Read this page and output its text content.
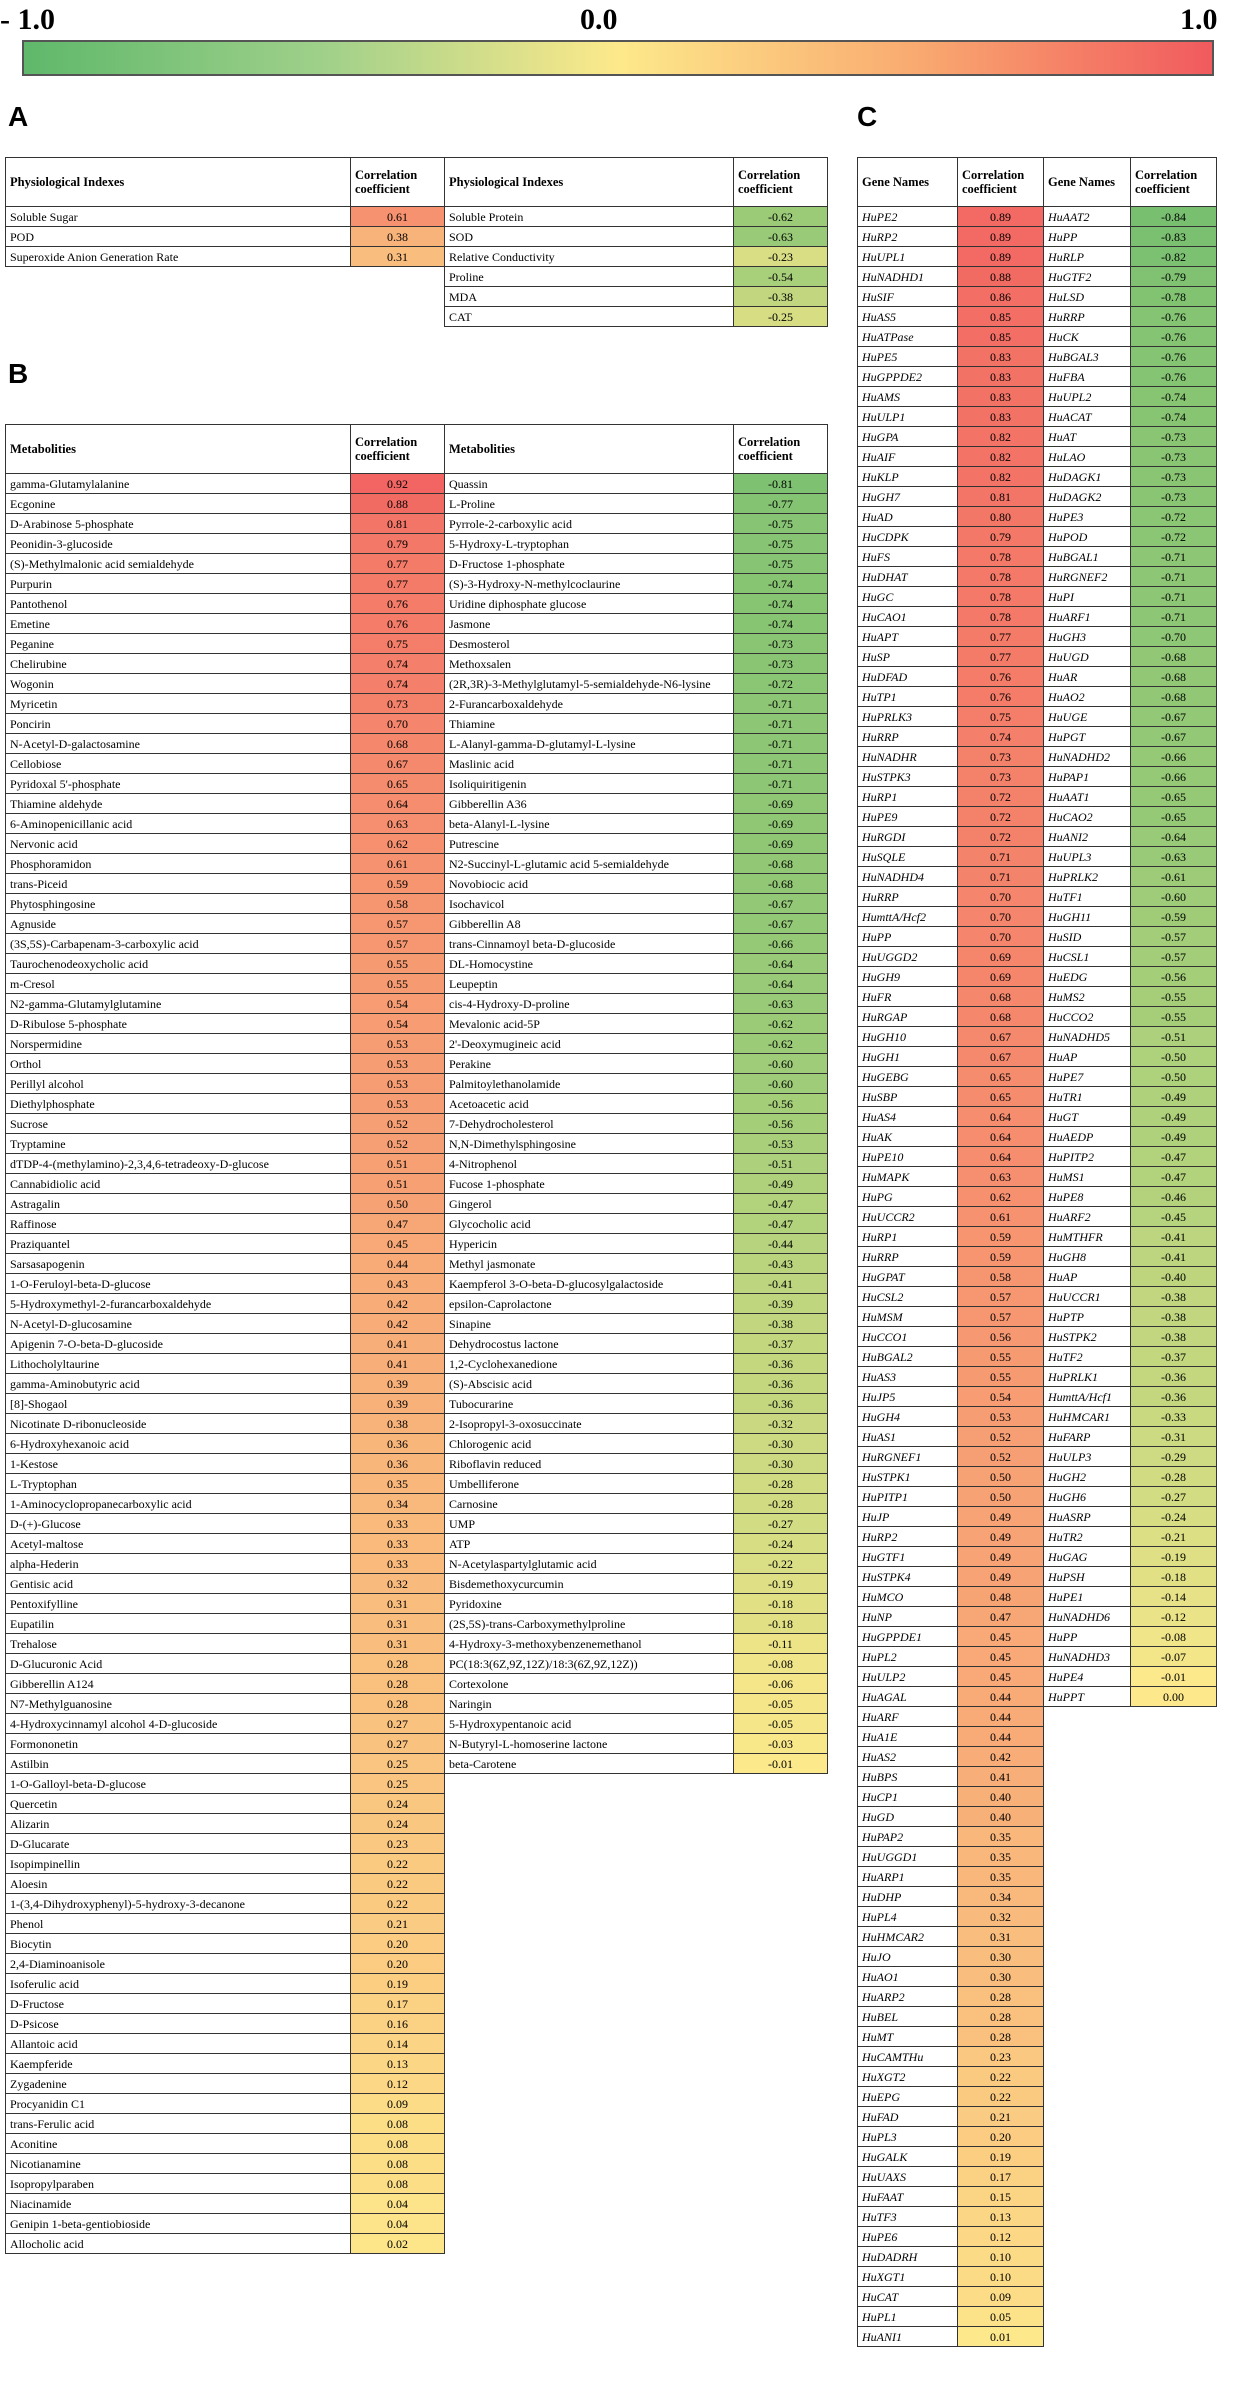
- 1.0	0.0	1.0
A
B
C
Physiological Indexes	Correlation coefficient	Physiological Indexes	Correlation coefficient
Soluble Sugar	0.61	Soluble Protein	-0.62
POD	0.38	SOD	-0.63
Superoxide Anion Generation Rate	0.31	Relative Conductivity	-0.23
		Proline	-0.54
		MDA	-0.38
		CAT	-0.25
Metabolities	Correlation coefficient	Metabolities	Correlation coefficient
gamma-Glutamylalanine	0.92	Quassin	-0.81
Ecgonine	0.88	L-Proline	-0.77
D-Arabinose 5-phosphate	0.81	Pyrrole-2-carboxylic acid	-0.75
Peonidin-3-glucoside	0.79	5-Hydroxy-L-tryptophan	-0.75
(S)-Methylmalonic acid semialdehyde	0.77	D-Fructose 1-phosphate	-0.75
Purpurin	0.77	(S)-3-Hydroxy-N-methylcoclaurine	-0.74
Pantothenol	0.76	Uridine diphosphate glucose	-0.74
Emetine	0.76	Jasmone	-0.74
Peganine	0.75	Desmosterol	-0.73
Chelirubine	0.74	Methoxsalen	-0.73
Wogonin	0.74	(2R,3R)-3-Methylglutamyl-5-semialdehyde-N6-lysine	-0.72
Myricetin	0.73	2-Furancarboxaldehyde	-0.71
Poncirin	0.70	Thiamine	-0.71
N-Acetyl-D-galactosamine	0.68	L-Alanyl-gamma-D-glutamyl-L-lysine	-0.71
Cellobiose	0.67	Maslinic acid	-0.71
Pyridoxal 5'-phosphate	0.65	Isoliquiritigenin	-0.71
Thiamine aldehyde	0.64	Gibberellin A36	-0.69
6-Aminopenicillanic acid	0.63	beta-Alanyl-L-lysine	-0.69
Nervonic acid	0.62	Putrescine	-0.69
Phosphoramidon	0.61	N2-Succinyl-L-glutamic acid 5-semialdehyde	-0.68
trans-Piceid	0.59	Novobiocic acid	-0.68
Phytosphingosine	0.58	Isochavicol	-0.67
Agnuside	0.57	Gibberellin A8	-0.67
(3S,5S)-Carbapenam-3-carboxylic acid	0.57	trans-Cinnamoyl beta-D-glucoside	-0.66
Taurochenodeoxycholic acid	0.55	DL-Homocystine	-0.64
m-Cresol	0.55	Leupeptin	-0.64
N2-gamma-Glutamylglutamine	0.54	cis-4-Hydroxy-D-proline	-0.63
D-Ribulose 5-phosphate	0.54	Mevalonic acid-5P	-0.62
Norspermidine	0.53	2'-Deoxymugineic acid	-0.62
Orthol	0.53	Perakine	-0.60
Perillyl alcohol	0.53	Palmitoylethanolamide	-0.60
Diethylphosphate	0.53	Acetoacetic acid	-0.56
Sucrose	0.52	7-Dehydrocholesterol	-0.56
Tryptamine	0.52	N,N-Dimethylsphingosine	-0.53
dTDP-4-(methylamino)-2,3,4,6-tetradeoxy-D-glucose	0.51	4-Nitrophenol	-0.51
Cannabidiolic acid	0.51	Fucose 1-phosphate	-0.49
Astragalin	0.50	Gingerol	-0.47
Raffinose	0.47	Glycocholic acid	-0.47
Praziquantel	0.45	Hypericin	-0.44
Sarsasapogenin	0.44	Methyl jasmonate	-0.43
1-O-Feruloyl-beta-D-glucose	0.43	Kaempferol 3-O-beta-D-glucosylgalactoside	-0.41
5-Hydroxymethyl-2-furancarboxaldehyde	0.42	epsilon-Caprolactone	-0.39
N-Acetyl-D-glucosamine	0.42	Sinapine	-0.38
Apigenin 7-O-beta-D-glucoside	0.41	Dehydrocostus lactone	-0.37
Lithocholyltaurine	0.41	1,2-Cyclohexanedione	-0.36
gamma-Aminobutyric acid	0.39	(S)-Abscisic acid	-0.36
[8]-Shogaol	0.39	Tubocurarine	-0.36
Nicotinate D-ribonucleoside	0.38	2-Isopropyl-3-oxosuccinate	-0.32
6-Hydroxyhexanoic acid	0.36	Chlorogenic acid	-0.30
1-Kestose	0.36	Riboflavin reduced	-0.30
L-Tryptophan	0.35	Umbelliferone	-0.28
1-Aminocyclopropanecarboxylic acid	0.34	Carnosine	-0.28
D-(+)-Glucose	0.33	UMP	-0.27
Acetyl-maltose	0.33	ATP	-0.24
alpha-Hederin	0.33	N-Acetylaspartylglutamic acid	-0.22
Gentisic acid	0.32	Bisdemethoxycurcumin	-0.19
Pentoxifylline	0.31	Pyridoxine	-0.18
Eupatilin	0.31	(2S,5S)-trans-Carboxymethylproline	-0.18
Trehalose	0.31	4-Hydroxy-3-methoxybenzenemethanol	-0.11
D-Glucuronic Acid	0.28	PC(18:3(6Z,9Z,12Z)/18:3(6Z,9Z,12Z))	-0.08
Gibberellin A124	0.28	Cortexolone	-0.06
N7-Methylguanosine	0.28	Naringin	-0.05
4-Hydroxycinnamyl alcohol 4-D-glucoside	0.27	5-Hydroxypentanoic acid	-0.05
Formononetin	0.27	N-Butyryl-L-homoserine lactone	-0.03
Astilbin	0.25	beta-Carotene	-0.01
1-O-Galloyl-beta-D-glucose	0.25		
Quercetin	0.24		
Alizarin	0.24		
D-Glucarate	0.23		
Isopimpinellin	0.22		
Aloesin	0.22		
1-(3,4-Dihydroxyphenyl)-5-hydroxy-3-decanone	0.22		
Phenol	0.21		
Biocytin	0.20		
2,4-Diaminoanisole	0.20		
Isoferulic acid	0.19		
D-Fructose	0.17		
D-Psicose	0.16		
Allantoic acid	0.14		
Kaempferide	0.13		
Zygadenine	0.12		
Procyanidin C1	0.09		
trans-Ferulic acid	0.08		
Aconitine	0.08		
Nicotianamine	0.08		
Isopropylparaben	0.08		
Niacinamide	0.04		
Genipin 1-beta-gentiobioside	0.04		
Allocholic acid	0.02		
Gene Names	Correlation coefficient	Gene Names	Correlation coefficient
HuPE2	0.89	HuAAT2	-0.84
HuRP2	0.89	HuPP	-0.83
HuUPL1	0.89	HuRLP	-0.82
HuNADHD1	0.88	HuGTF2	-0.79
HuSIF	0.86	HuLSD	-0.78
HuAS5	0.85	HuRRP	-0.76
HuATPase	0.85	HuCK	-0.76
HuPE5	0.83	HuBGAL3	-0.76
HuGPPDE2	0.83	HuFBA	-0.76
HuAMS	0.83	HuUPL2	-0.74
HuULP1	0.83	HuACAT	-0.74
HuGPA	0.82	HuAT	-0.73
HuAIF	0.82	HuLAO	-0.73
HuKLP	0.82	HuDAGK1	-0.73
HuGH7	0.81	HuDAGK2	-0.73
HuAD	0.80	HuPE3	-0.72
HuCDPK	0.79	HuPOD	-0.72
HuFS	0.78	HuBGAL1	-0.71
HuDHAT	0.78	HuRGNEF2	-0.71
HuGC	0.78	HuPI	-0.71
HuCAO1	0.78	HuARF1	-0.71
HuAPT	0.77	HuGH3	-0.70
HuSP	0.77	HuUGD	-0.68
HuDFAD	0.76	HuAR	-0.68
HuTP1	0.76	HuAO2	-0.68
HuPRLK3	0.75	HuUGE	-0.67
HuRRP	0.74	HuPGT	-0.67
HuNADHR	0.73	HuNADHD2	-0.66
HuSTPK3	0.73	HuPAP1	-0.66
HuRP1	0.72	HuAAT1	-0.65
HuPE9	0.72	HuCAO2	-0.65
HuRGDI	0.72	HuANI2	-0.64
HuSQLE	0.71	HuUPL3	-0.63
HuNADHD4	0.71	HuPRLK2	-0.61
HuRRP	0.70	HuTF1	-0.60
HumttA/Hcf2	0.70	HuGH11	-0.59
HuPP	0.70	HuSID	-0.57
HuUGGD2	0.69	HuCSL1	-0.57
HuGH9	0.69	HuEDG	-0.56
HuFR	0.68	HuMS2	-0.55
HuRGAP	0.68	HuCCO2	-0.55
HuGH10	0.67	HuNADHD5	-0.51
HuGH1	0.67	HuAP	-0.50
HuGEBG	0.65	HuPE7	-0.50
HuSBP	0.65	HuTR1	-0.49
HuAS4	0.64	HuGT	-0.49
HuAK	0.64	HuAEDP	-0.49
HuPE10	0.64	HuPITP2	-0.47
HuMAPK	0.63	HuMS1	-0.47
HuPG	0.62	HuPE8	-0.46
HuUCCR2	0.61	HuARF2	-0.45
HuRP1	0.59	HuMTHFR	-0.41
HuRRP	0.59	HuGH8	-0.41
HuGPAT	0.58	HuAP	-0.40
HuCSL2	0.57	HuUCCR1	-0.38
HuMSM	0.57	HuPTP	-0.38
HuCCO1	0.56	HuSTPK2	-0.38
HuBGAL2	0.55	HuTF2	-0.37
HuAS3	0.55	HuPRLK1	-0.36
HuJP5	0.54	HumttA/Hcf1	-0.36
HuGH4	0.53	HuHMCAR1	-0.33
HuAS1	0.52	HuFARP	-0.31
HuRGNEF1	0.52	HuULP3	-0.29
HuSTPK1	0.50	HuGH2	-0.28
HuPITP1	0.50	HuGH6	-0.27
HuJP	0.49	HuASRP	-0.24
HuRP2	0.49	HuTR2	-0.21
HuGTF1	0.49	HuGAG	-0.19
HuSTPK4	0.49	HuPSH	-0.18
HuMCO	0.48	HuPE1	-0.14
HuNP	0.47	HuNADHD6	-0.12
HuGPPDE1	0.45	HuPP	-0.08
HuPL2	0.45	HuNADHD3	-0.07
HuULP2	0.45	HuPE4	-0.01
HuAGAL	0.44	HuPPT	0.00
HuARF	0.44		
HuA1E	0.44		
HuAS2	0.42		
HuBPS	0.41		
HuCP1	0.40		
HuGD	0.40		
HuPAP2	0.35		
HuUGGD1	0.35		
HuARP1	0.35		
HuDHP	0.34		
HuPL4	0.32		
HuHMCAR2	0.31		
HuJO	0.30		
HuAO1	0.30		
HuARP2	0.28		
HuBEL	0.28		
HuMT	0.28		
HuCAMTHu	0.23		
HuXGT2	0.22		
HuEPG	0.22		
HuFAD	0.21		
HuPL3	0.20		
HuGALK	0.19		
HuUAXS	0.17		
HuFAAT	0.15		
HuTF3	0.13		
HuPE6	0.12		
HuDADRH	0.10		
HuXGT1	0.10		
HuCAT	0.09		
HuPL1	0.05		
HuANI1	0.01		
